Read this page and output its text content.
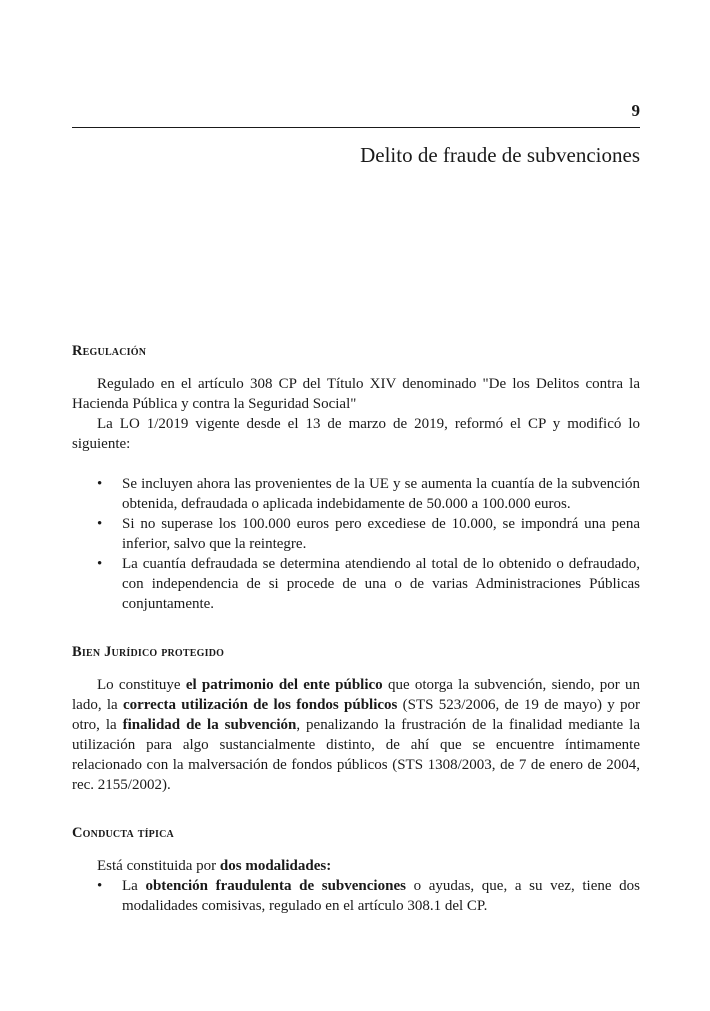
9
Delito de fraude de subvenciones
Regulación

Regulado en el artículo 308 CP del Título XIV denominado "De los Delitos contra la Hacienda Pública y contra la Seguridad Social"

La LO 1/2019 vigente desde el 13 de marzo de 2019, reformó el CP y modificó lo siguiente:

• Se incluyen ahora las provenientes de la UE y se aumenta la cuantía de la subvención obtenida, defraudada o aplicada indebidamente de 50.000 a 100.000 euros.
• Si no superase los 100.000 euros pero excediese de 10.000, se impondrá una pena inferior, salvo que la reintegre.
• La cuantía defraudada se determina atendiendo al total de lo obtenido o defraudado, con independencia de si procede de una o de varias Administraciones Públicas conjuntamente.
Bien Jurídico protegido

Lo constituye el patrimonio del ente público que otorga la subvención, siendo, por un lado, la correcta utilización de los fondos públicos (STS 523/2006, de 19 de mayo) y por otro, la finalidad de la subvención, penalizando la frustración de la finalidad mediante la utilización para algo sustancialmente distinto, de ahí que se encuentre íntimamente relacionado con la malversación de fondos públicos (STS 1308/2003, de 7 de enero de 2004, rec. 2155/2002).

Conducta típica

Está constituida por dos modalidades:

• La obtención fraudulenta de subvenciones o ayudas, que, a su vez, tiene dos modalidades comisivas, regulado en el artículo 308.1 del CP.
